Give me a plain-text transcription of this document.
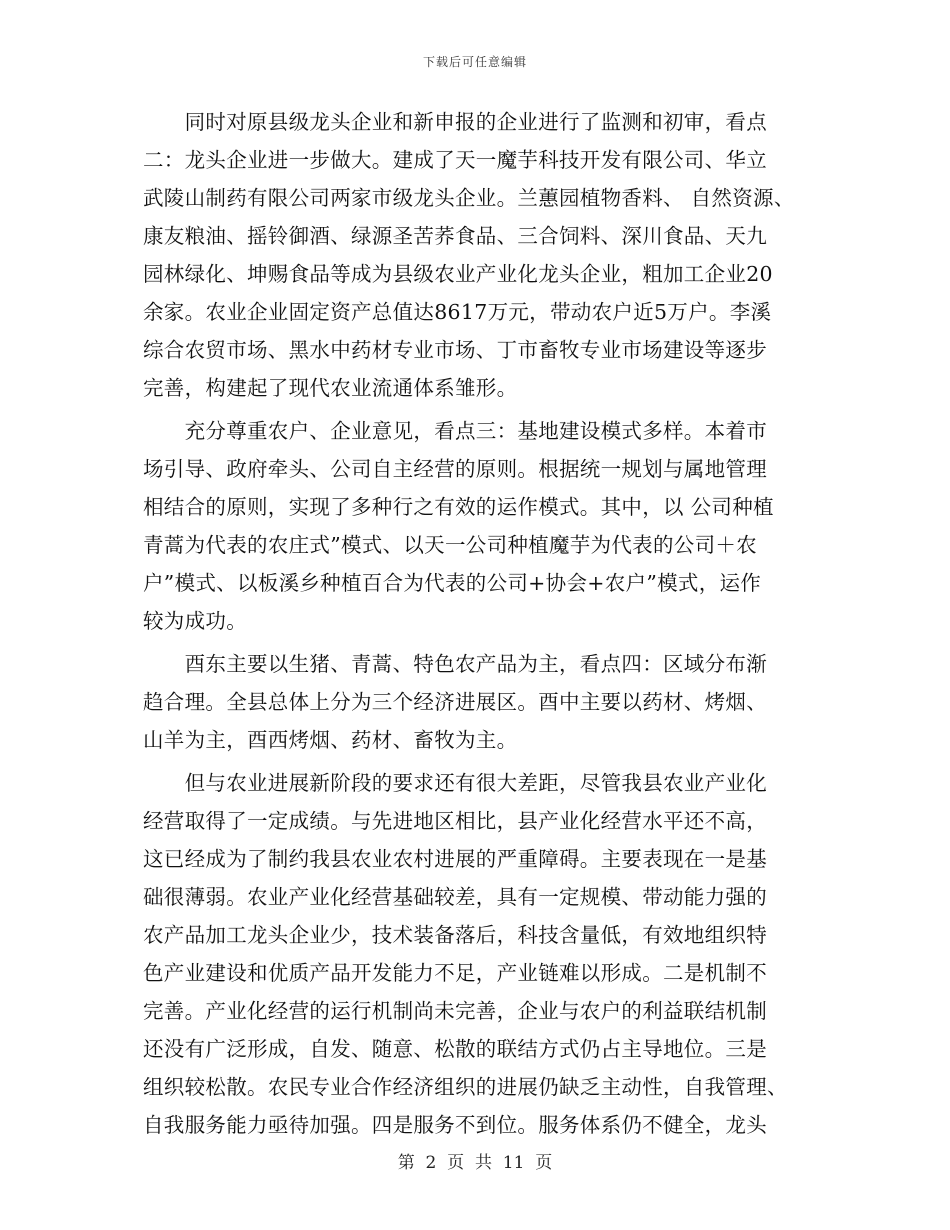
下载后可任意编辑
　　同时对原县级龙头企业和新申报的企业进行了监测和初审，看点
二：龙头企业进一步做大。建成了天一魔芋科技开发有限公司、华立
武陵山制药有限公司两家市级龙头企业。兰蕙园植物香料、 自然资源、
康友粮油、摇铃御酒、绿源圣苦荞食品、三合饲料、深川食品、天九
园林绿化、坤赐食品等成为县级农业产业化龙头企业，粗加工企业20
余家。农业企业固定资产总值达8617万元，带动农户近5万户。李溪
综合农贸市场、黑水中药材专业市场、丁市畜牧专业市场建设等逐步
完善，构建起了现代农业流通体系雏形。
　　充分尊重农户、企业意见，看点三：基地建设模式多样。本着市
场引导、政府牵头、公司自主经营的原则。根据统一规划与属地管理
相结合的原则，实现了多种行之有效的运作模式。其中，以 公司种植
青蒿为代表的农庄式”模式、以天一公司种植魔芋为代表的公司＋农
户”模式、以板溪乡种植百合为代表的公司+协会+农户”模式，运作
较为成功。
　　酉东主要以生猪、青蒿、特色农产品为主，看点四：区域分布渐
趋合理。全县总体上分为三个经济进展区。酉中主要以药材、烤烟、
山羊为主，酉西烤烟、药材、畜牧为主。
　　但与农业进展新阶段的要求还有很大差距，尽管我县农业产业化
经营取得了一定成绩。与先进地区相比，县产业化经营水平还不高，
这已经成为了制约我县农业农村进展的严重障碍。主要表现在一是基
础很薄弱。农业产业化经营基础较差，具有一定规模、带动能力强的
农产品加工龙头企业少，技术装备落后，科技含量低，有效地组织特
色产业建设和优质产品开发能力不足，产业链难以形成。二是机制不
完善。产业化经营的运行机制尚未完善，企业与农户的利益联结机制
还没有广泛形成，自发、随意、松散的联结方式仍占主导地位。三是
组织较松散。农民专业合作经济组织的进展仍缺乏主动性，自我管理、
自我服务能力亟待加强。四是服务不到位。服务体系仍不健全，龙头
第  2  页  共  11  页
